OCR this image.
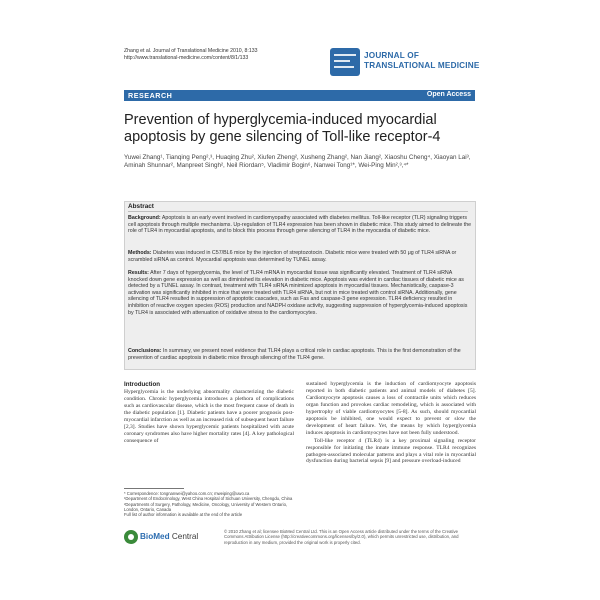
Zhang et al. Journal of Translational Medicine 2010, 8:133
http://www.translational-medicine.com/content/8/1/133	JOURNAL OF
TRANSLATIONAL MEDICINE
RESEARCH	Open Access
Prevention of hyperglycemia-induced myocardial apoptosis by gene silencing of Toll-like receptor-4
Yuwei Zhang¹, Tianqing Peng²,³, Huaqing Zhu², Xiufen Zheng², Xusheng Zhang², Nan Jiang², Xiaoshu Cheng⁴, Xiaoyan Lai³, Aminah Shunnar², Manpreet Singh², Neil Riordan⁵, Vladimir Bogin⁶, Nanwei Tong¹*, Wei-Ping Min²,³,⁴*
Abstract
Background: Apoptosis is an early event involved in cardiomyopathy associated with diabetes mellitus. Toll-like receptor (TLR) signaling triggers cell apoptosis through multiple mechanisms. Up-regulation of TLR4 expression has been shown in diabetic mice. This study aimed to delineate the role of TLR4 in myocardial apoptosis, and to block this process through gene silencing of TLR4 in the myocardia of diabetic mice.
Methods: Diabetes was induced in C57/BL6 mice by the injection of streptozotocin. Diabetic mice were treated with 50 μg of TLR4 siRNA or scrambled siRNA as control. Myocardial apoptosis was determined by TUNEL assay.
Results: After 7 days of hyperglycemia, the level of TLR4 mRNA in myocardial tissue was significantly elevated. Treatment of TLR4 siRNA knocked down gene expression as well as diminished its elevation in diabetic mice. Apoptosis was evident in cardiac tissues of diabetic mice as detected by a TUNEL assay. In contrast, treatment with TLR4 siRNA minimized apoptosis in myocardial tissues. Mechanistically, caspase-3 activation was significantly inhibited in mice that were treated with TLR4 siRNA, but not in mice treated with control siRNA. Additionally, gene silencing of TLR4 resulted in suppression of apoptotic cascades, such as Fas and caspase-3 gene expression. TLR4 deficiency resulted in inhibition of reactive oxygen species (ROS) production and NADPH oxidase activity, suggesting suppression of hyperglycemia-induced apoptosis by TLR4 is associated with attenuation of oxidative stress to the cardiomyocytes.
Conclusions: In summary, we present novel evidence that TLR4 plays a critical role in cardiac apoptosis. This is the first demonstration of the prevention of cardiac apoptosis in diabetic mice through silencing of the TLR4 gene.
Introduction

Hyperglycemia is the underlying abnormality characterizing the diabetic condition. Chronic hyperglycemia introduces a plethora of complications such as cardiovascular disease, which is the most frequent cause of death in the diabetic population [1]. Diabetic patients have a poorer prognosis post-myocardial infarction as well as an increased risk of subsequent heart failure [2,3]. Studies have shown hyperglycemic patients hospitalized with acute coronary syndromes also have higher mortality rates [4]. A key pathological consequence of

sustained hyperglycemia is the induction of cardiomyocyte apoptosis reported in both diabetic patients and animal models of diabetes [5]. Cardiomyocyte apoptosis causes a loss of contractile units which reduces organ function and provokes cardiac remodeling, which is associated with hypertrophy of viable cardiomyocytes [5-8]. As such, should myocardial apoptosis be inhibited, one would expect to prevent or slow the development of heart failure. Yet, the means by which hyperglycemia induces apoptosis in cardiomyocytes have not been fully understood.

Toll-like receptor 4 (TLR4) is a key proximal signaling receptor responsible for initiating the innate immune response. TLR4 recognizes pathogen-associated molecular patterns and plays a vital role in myocardial dysfunction during bacterial sepsis [9] and pressure overload-induced

* Correspondence: tongnanwei@yahoo.com.cn; mweiping@uwo.ca
¹Department of Endocrinology, West China Hospital of Sichuan University, Chengdu, China
²Departments of Surgery, Pathology, Medicine, Oncology, University of Western Ontario, London, Ontario, Canada
Full list of author information is available at the end of the article
BioMed Central
© 2010 Zhang et al; licensee BioMed Central Ltd. This is an Open Access article distributed under the terms of the Creative Commons Attribution License (http://creativecommons.org/licenses/by/2.0), which permits unrestricted use, distribution, and reproduction in any medium, provided the original work is properly cited.
